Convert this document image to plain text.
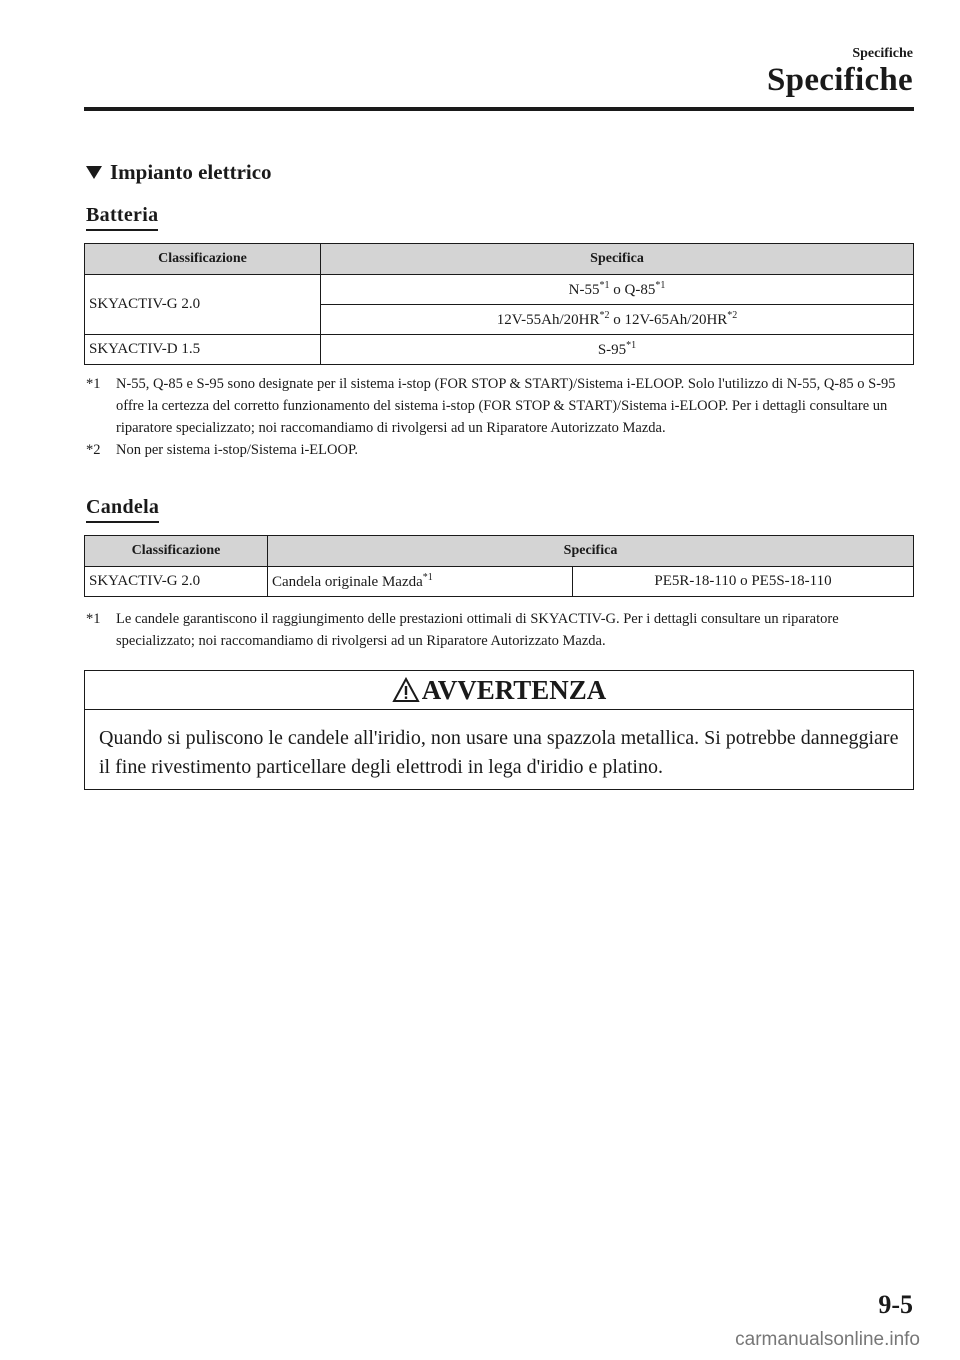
Specifiche
Specifiche
Impianto elettrico
Batteria
Classificazione	Specifica
SKYACTIV-G 2.0	N-55$^{*1}$ o Q-85$^{*1}$
	12V-55Ah/20HR$^{*2}$ o 12V-65Ah/20HR$^{*2}$
SKYACTIV-D 1.5	S-95$^{*1}$
*1	N-55, Q-85 e S-95 sono designate per il sistema i-stop (FOR STOP & START)/Sistema i-ELOOP. Solo l'utilizzo di N-55, Q-85 o S-95 offre la certezza del corretto funzionamento del sistema i-stop (FOR STOP & START)/Sistema i-ELOOP. Per i dettagli consultare un riparatore specializzato; noi raccomandiamo di rivolgersi ad un Riparatore Autorizzato Mazda.
*2	Non per sistema i-stop/Sistema i-ELOOP.
Candela
Classificazione	Specifica	
SKYACTIV-G 2.0	Candela originale Mazda$^{*1}$	PE5R-18-110 o PE5S-18-110
*1	Le candele garantiscono il raggiungimento delle prestazioni ottimali di SKYACTIV-G. Per i dettagli consultare un riparatore specializzato; noi raccomandiamo di rivolgersi ad un Riparatore Autorizzato Mazda.
AVVERTENZA
Quando si puliscono le candele all'iridio, non usare una spazzola metallica. Si potrebbe danneggiare il fine rivestimento particellare degli elettrodi in lega d'iridio e platino.
9-5
carmanualsonline.info
